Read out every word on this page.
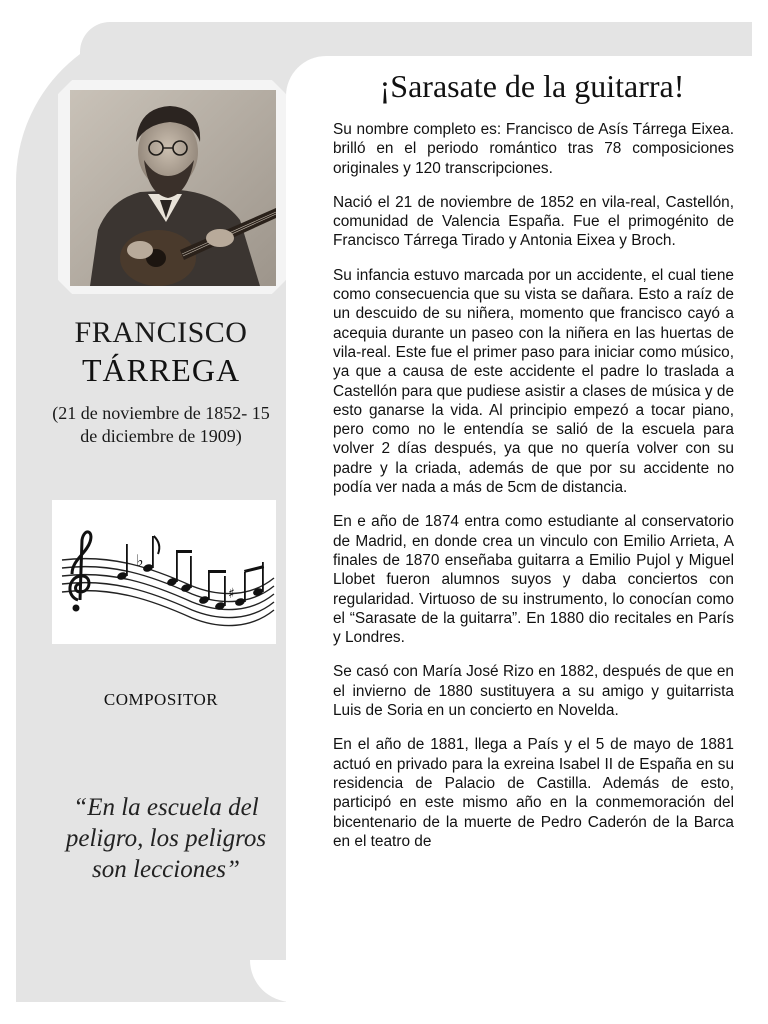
FRANCISCO
TÁRREGA
(21 de noviembre de 1852- 15 de diciembre de 1909)
♭
♯
COMPOSITOR
“En la escuela del peligro, los peligros son lecciones”
¡Sarasate de la guitarra!

Su nombre completo es: Francisco de Asís Tárrega Eixea. brilló en el periodo romántico tras 78 composiciones originales y 120 transcripciones.

Nació el 21 de noviembre de 1852 en vila-real, Castellón, comunidad de Valencia España. Fue el primogénito de Francisco Tárrega Tirado y Antonia Eixea y Broch.

Su infancia estuvo marcada por un accidente, el cual tiene como consecuencia que su vista se dañara. Esto a raíz de un descuido de su niñera, momento que francisco cayó a acequia durante un paseo con la niñera en las huertas de vila-real. Este fue el primer paso para iniciar como músico, ya que a causa de este accidente el padre lo traslada a Castellón para que pudiese asistir a clases de música y de esto ganarse la vida. Al principio empezó a tocar piano, pero como no le entendía se salió de la escuela para volver 2 días después, ya que no quería volver con su padre y la criada, además de que por su accidente no podía ver nada a más de 5cm de distancia.

En e año de 1874 entra como estudiante al conservatorio de Madrid, en donde crea un vinculo con Emilio Arrieta, A finales de 1870 enseñaba guitarra a Emilio Pujol y Miguel Llobet fueron alumnos suyos y daba conciertos con regularidad. Virtuoso de su instrumento, lo conocían como el “Sarasate de la guitarra”. En 1880 dio recitales en París y Londres.

Se casó con María José Rizo en 1882, después de que en el invierno de 1880 sustituyera a su amigo y guitarrista Luis de Soria en un concierto en Novelda.

En el año de 1881, llega a País y el 5 de mayo de 1881 actuó en privado para la exreina Isabel II de España en su residencia de Palacio de Castilla. Además de esto, participó en este mismo año en la conmemoración del bicentenario de la muerte de Pedro Caderón de la Barca en el teatro de
